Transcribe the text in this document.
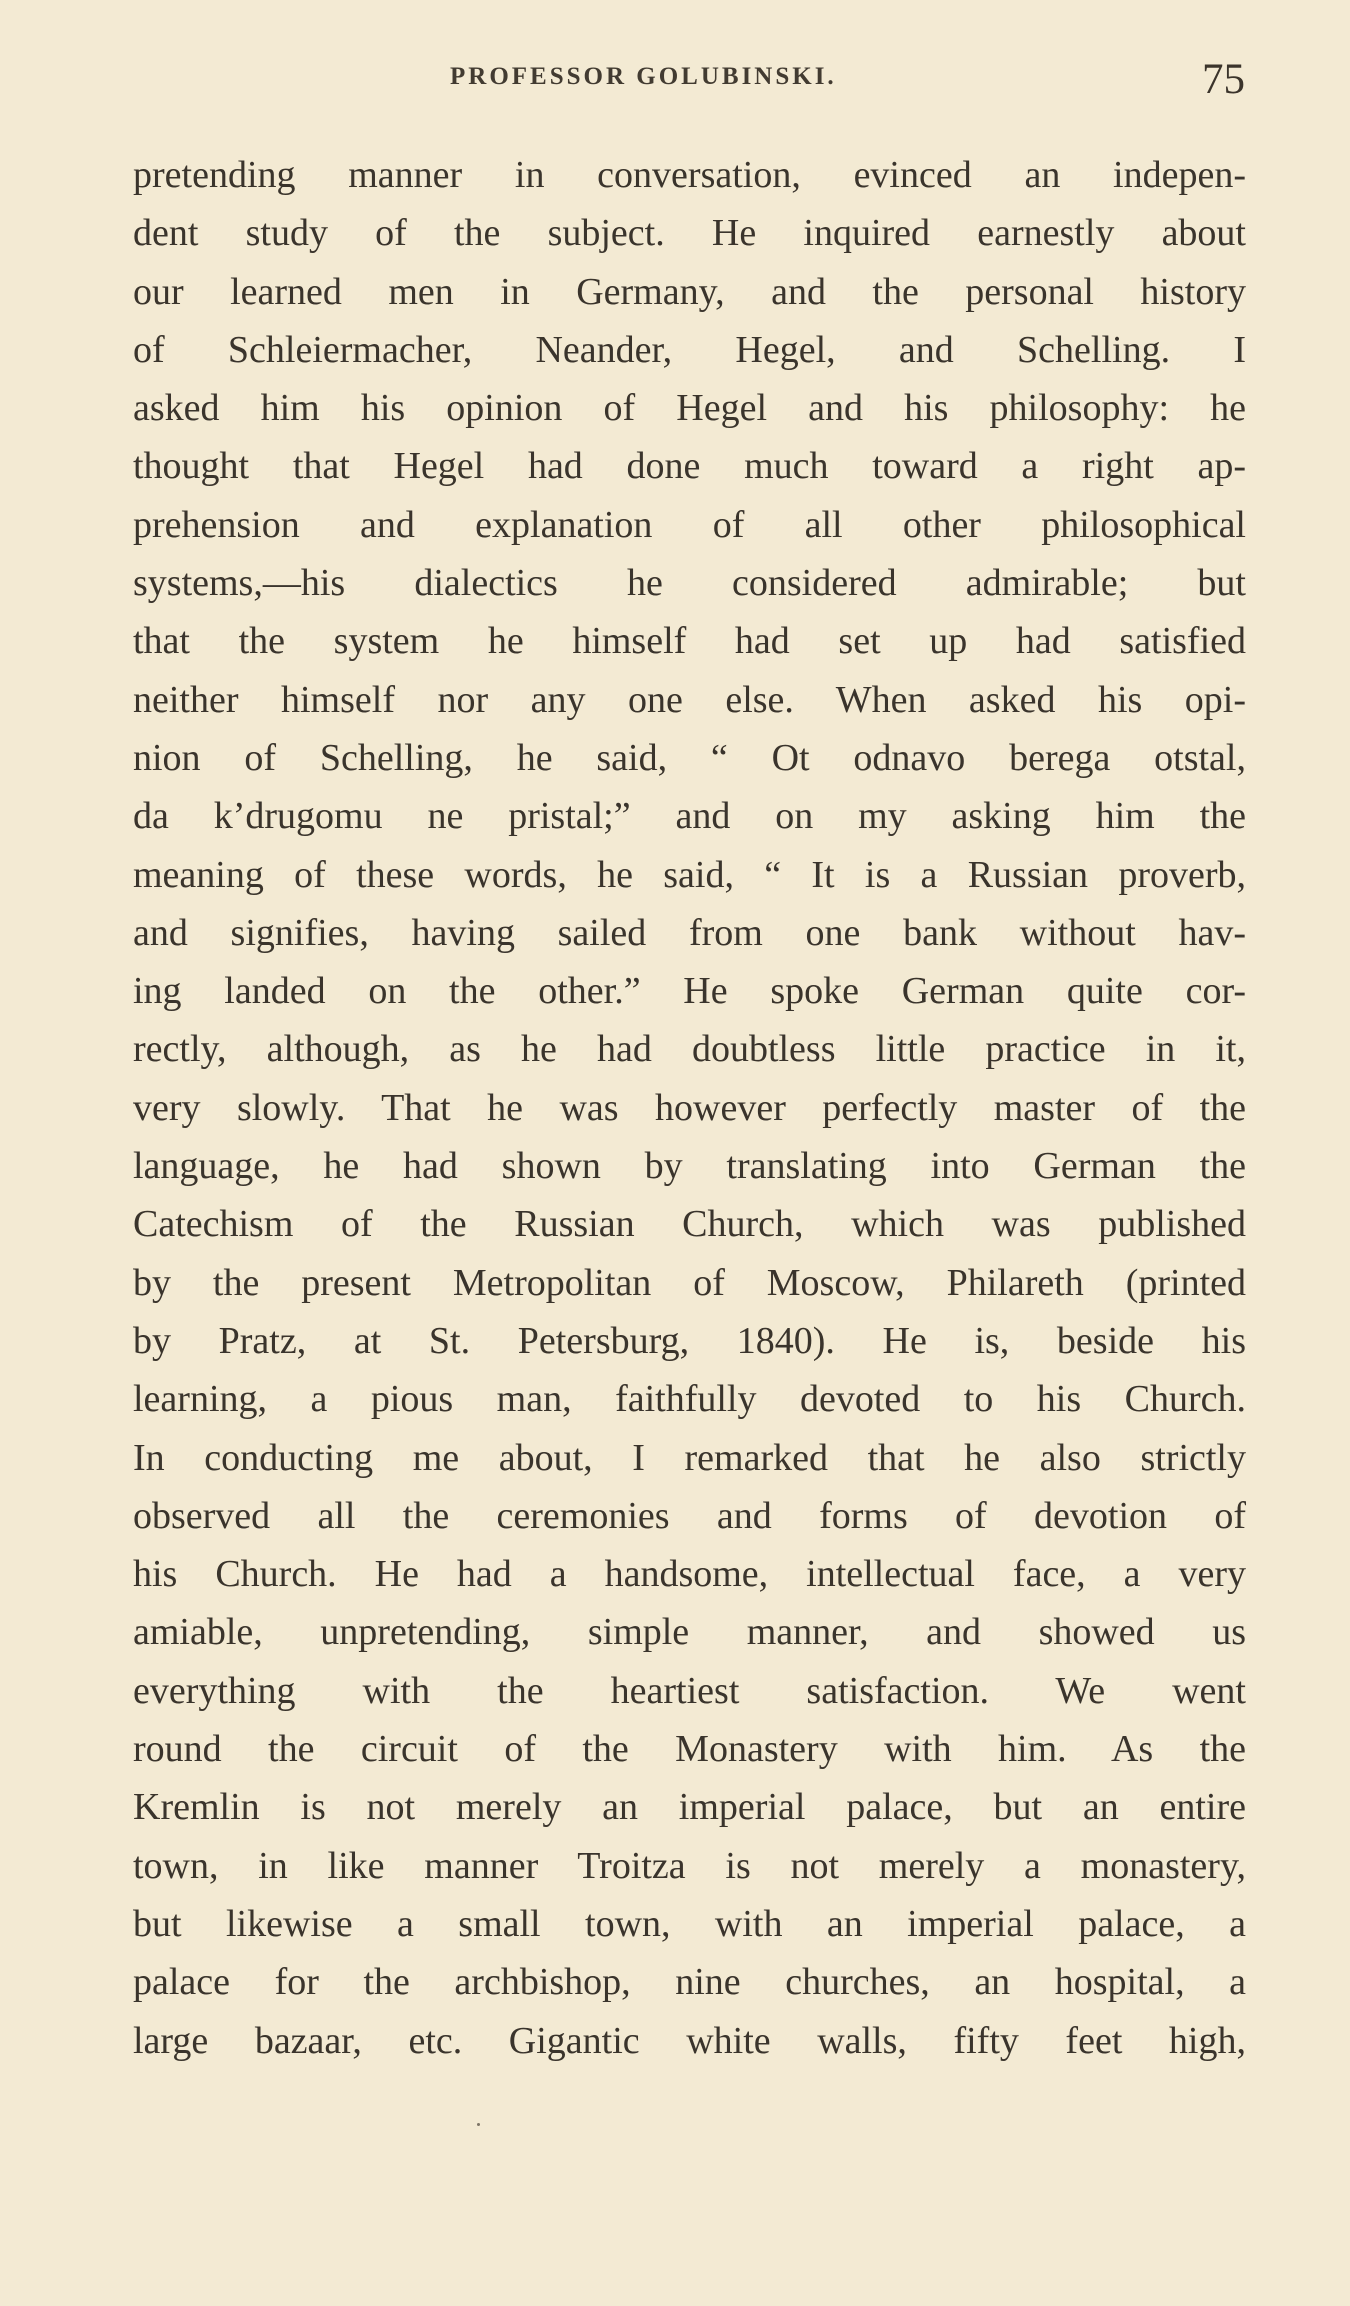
PROFESSOR GOLUBINSKI.	75
pretending manner in conversation, evinced an indepen-
dent study of the subject. He inquired earnestly about
our learned men in Germany, and the personal history
of Schleiermacher, Neander, Hegel, and Schelling. I
asked him his opinion of Hegel and his philosophy: he
thought that Hegel had done much toward a right ap-
prehension and explanation of all other philosophical
systems,—his dialectics he considered admirable; but
that the system he himself had set up had satisfied
neither himself nor any one else. When asked his opi-
nion of Schelling, he said, “ Ot odnavo berega otstal,
da k’drugomu ne pristal;” and on my asking him the
meaning of these words, he said, “ It is a Russian proverb,
and signifies, having sailed from one bank without hav-
ing landed on the other.” He spoke German quite cor-
rectly, although, as he had doubtless little practice in it,
very slowly. That he was however perfectly master of the
language, he had shown by translating into German the
Catechism of the Russian Church, which was published
by the present Metropolitan of Moscow, Philareth (printed
by Pratz, at St. Petersburg, 1840). He is, beside his
learning, a pious man, faithfully devoted to his Church.
In conducting me about, I remarked that he also strictly
observed all the ceremonies and forms of devotion of
his Church. He had a handsome, intellectual face, a very
amiable, unpretending, simple manner, and showed us
everything with the heartiest satisfaction. We went
round the circuit of the Monastery with him. As the
Kremlin is not merely an imperial palace, but an entire
town, in like manner Troitza is not merely a monastery,
but likewise a small town, with an imperial palace, a
palace for the archbishop, nine churches, an hospital, a
large bazaar, etc. Gigantic white walls, fifty feet high,
